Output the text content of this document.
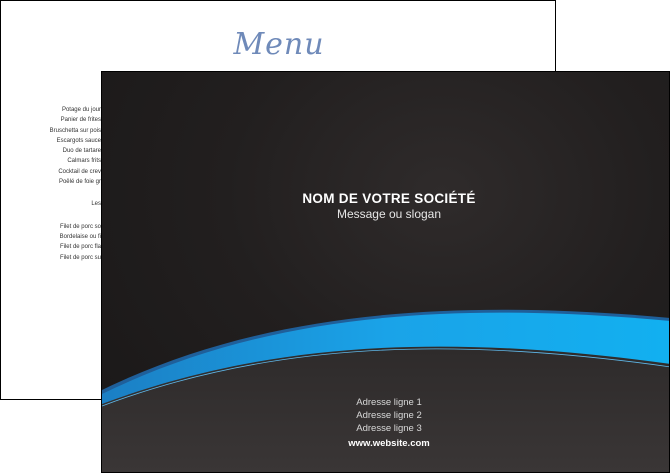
Menu
Potage du jour
Panier de frites
Bruschetta sur pois
Escargots sauce
Duo de tartare
Calmars frits
Cocktail de crev
Poêlé de foie gr
Les
Filet de porc so
Bordelaise ou fi
Filet de porc fla
Filet de porc su
NOM DE VOTRE SOCIÉTÉ
Message ou slogan
Adresse ligne 1
Adresse ligne 2
Adresse ligne 3
www.website.com
